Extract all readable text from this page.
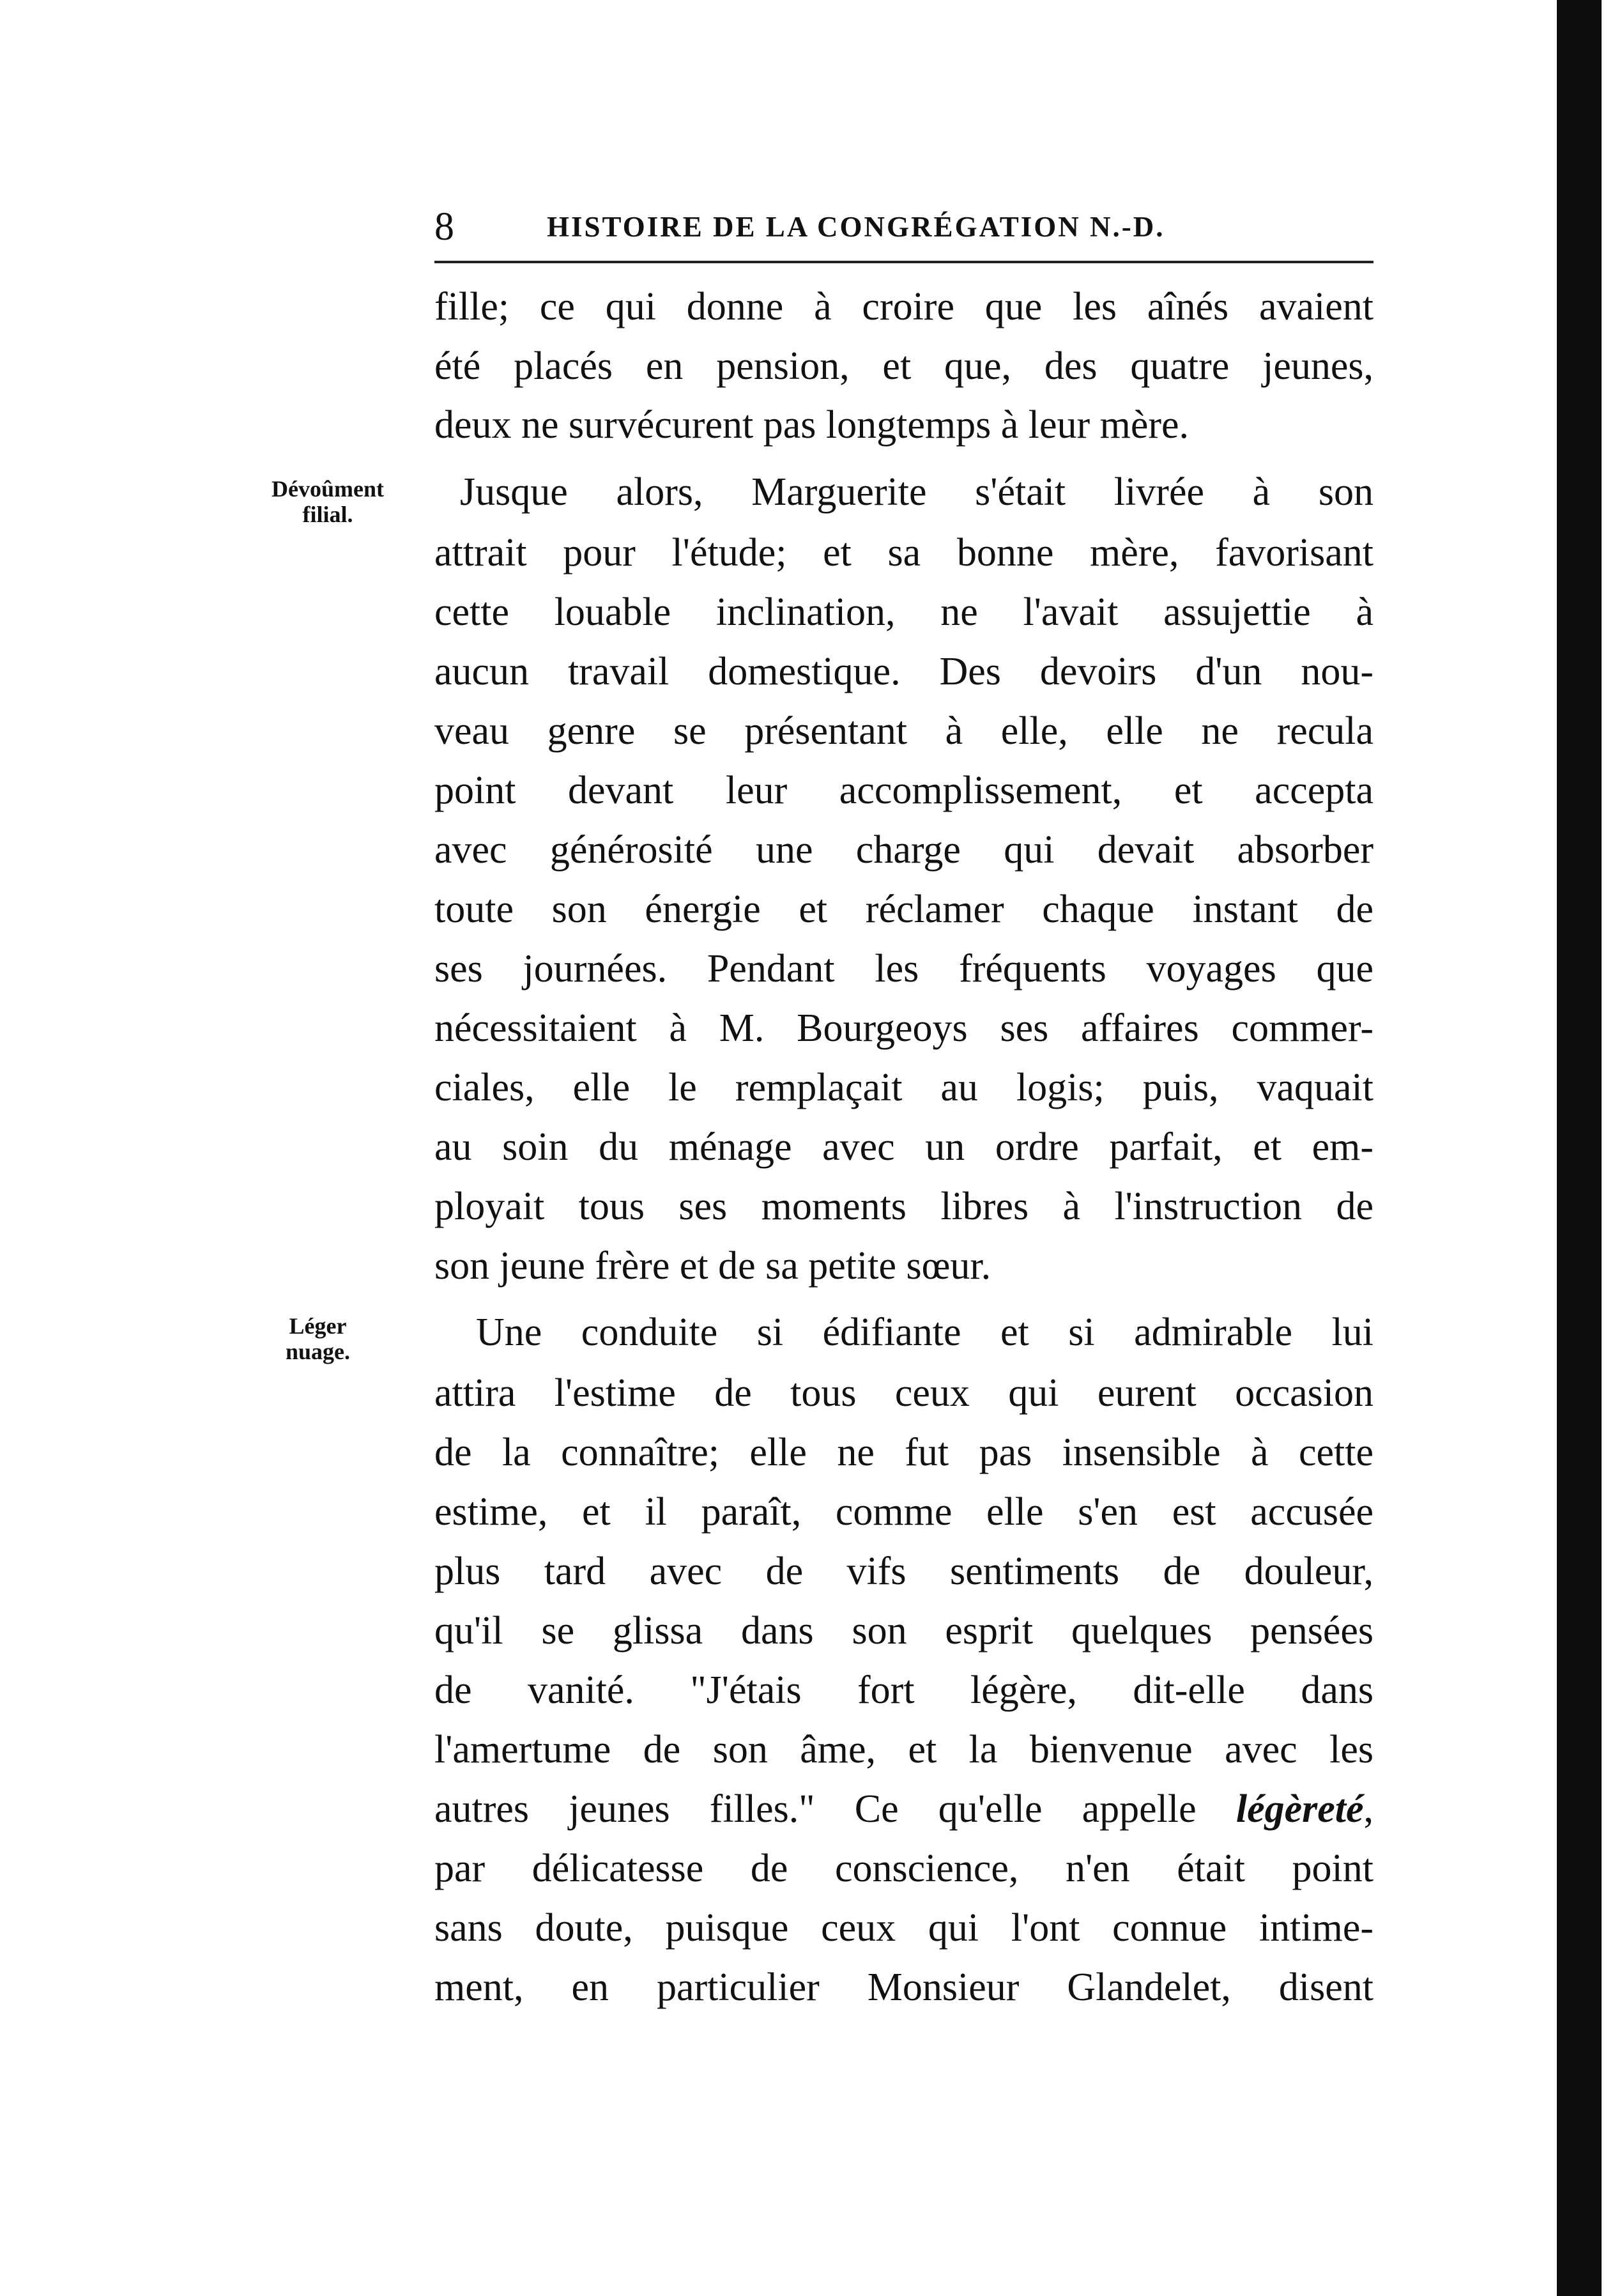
8	HISTOIRE DE LA CONGRÉGATION N.-D.
Dévoûment
filial.
Léger
nuage.
fille; ce qui donne à croire que les aînés avaient
été placés en pension, et que, des quatre jeunes,
deux ne survécurent pas longtemps à leur mère.
Jusque alors, Marguerite s'était livrée à son
attrait pour l'étude; et sa bonne mère, favorisant
cette louable inclination, ne l'avait assujettie à
aucun travail domestique. Des devoirs d'un nou-
veau genre se présentant à elle, elle ne recula
point devant leur accomplissement, et accepta
avec générosité une charge qui devait absorber
toute son énergie et réclamer chaque instant de
ses journées. Pendant les fréquents voyages que
nécessitaient à M. Bourgeoys ses affaires commer-
ciales, elle le remplaçait au logis; puis, vaquait
au soin du ménage avec un ordre parfait, et em-
ployait tous ses moments libres à l'instruction de
son jeune frère et de sa petite sœur.
Une conduite si édifiante et si admirable lui
attira l'estime de tous ceux qui eurent occasion
de la connaître; elle ne fut pas insensible à cette
estime, et il paraît, comme elle s'en est accusée
plus tard avec de vifs sentiments de douleur,
qu'il se glissa dans son esprit quelques pensées
de vanité. "J'étais fort légère, dit-elle dans
l'amertume de son âme, et la bienvenue avec les
autres jeunes filles." Ce qu'elle appelle légèreté,
par délicatesse de conscience, n'en était point
sans doute, puisque ceux qui l'ont connue intime-
ment, en particulier Monsieur Glandelet, disent
